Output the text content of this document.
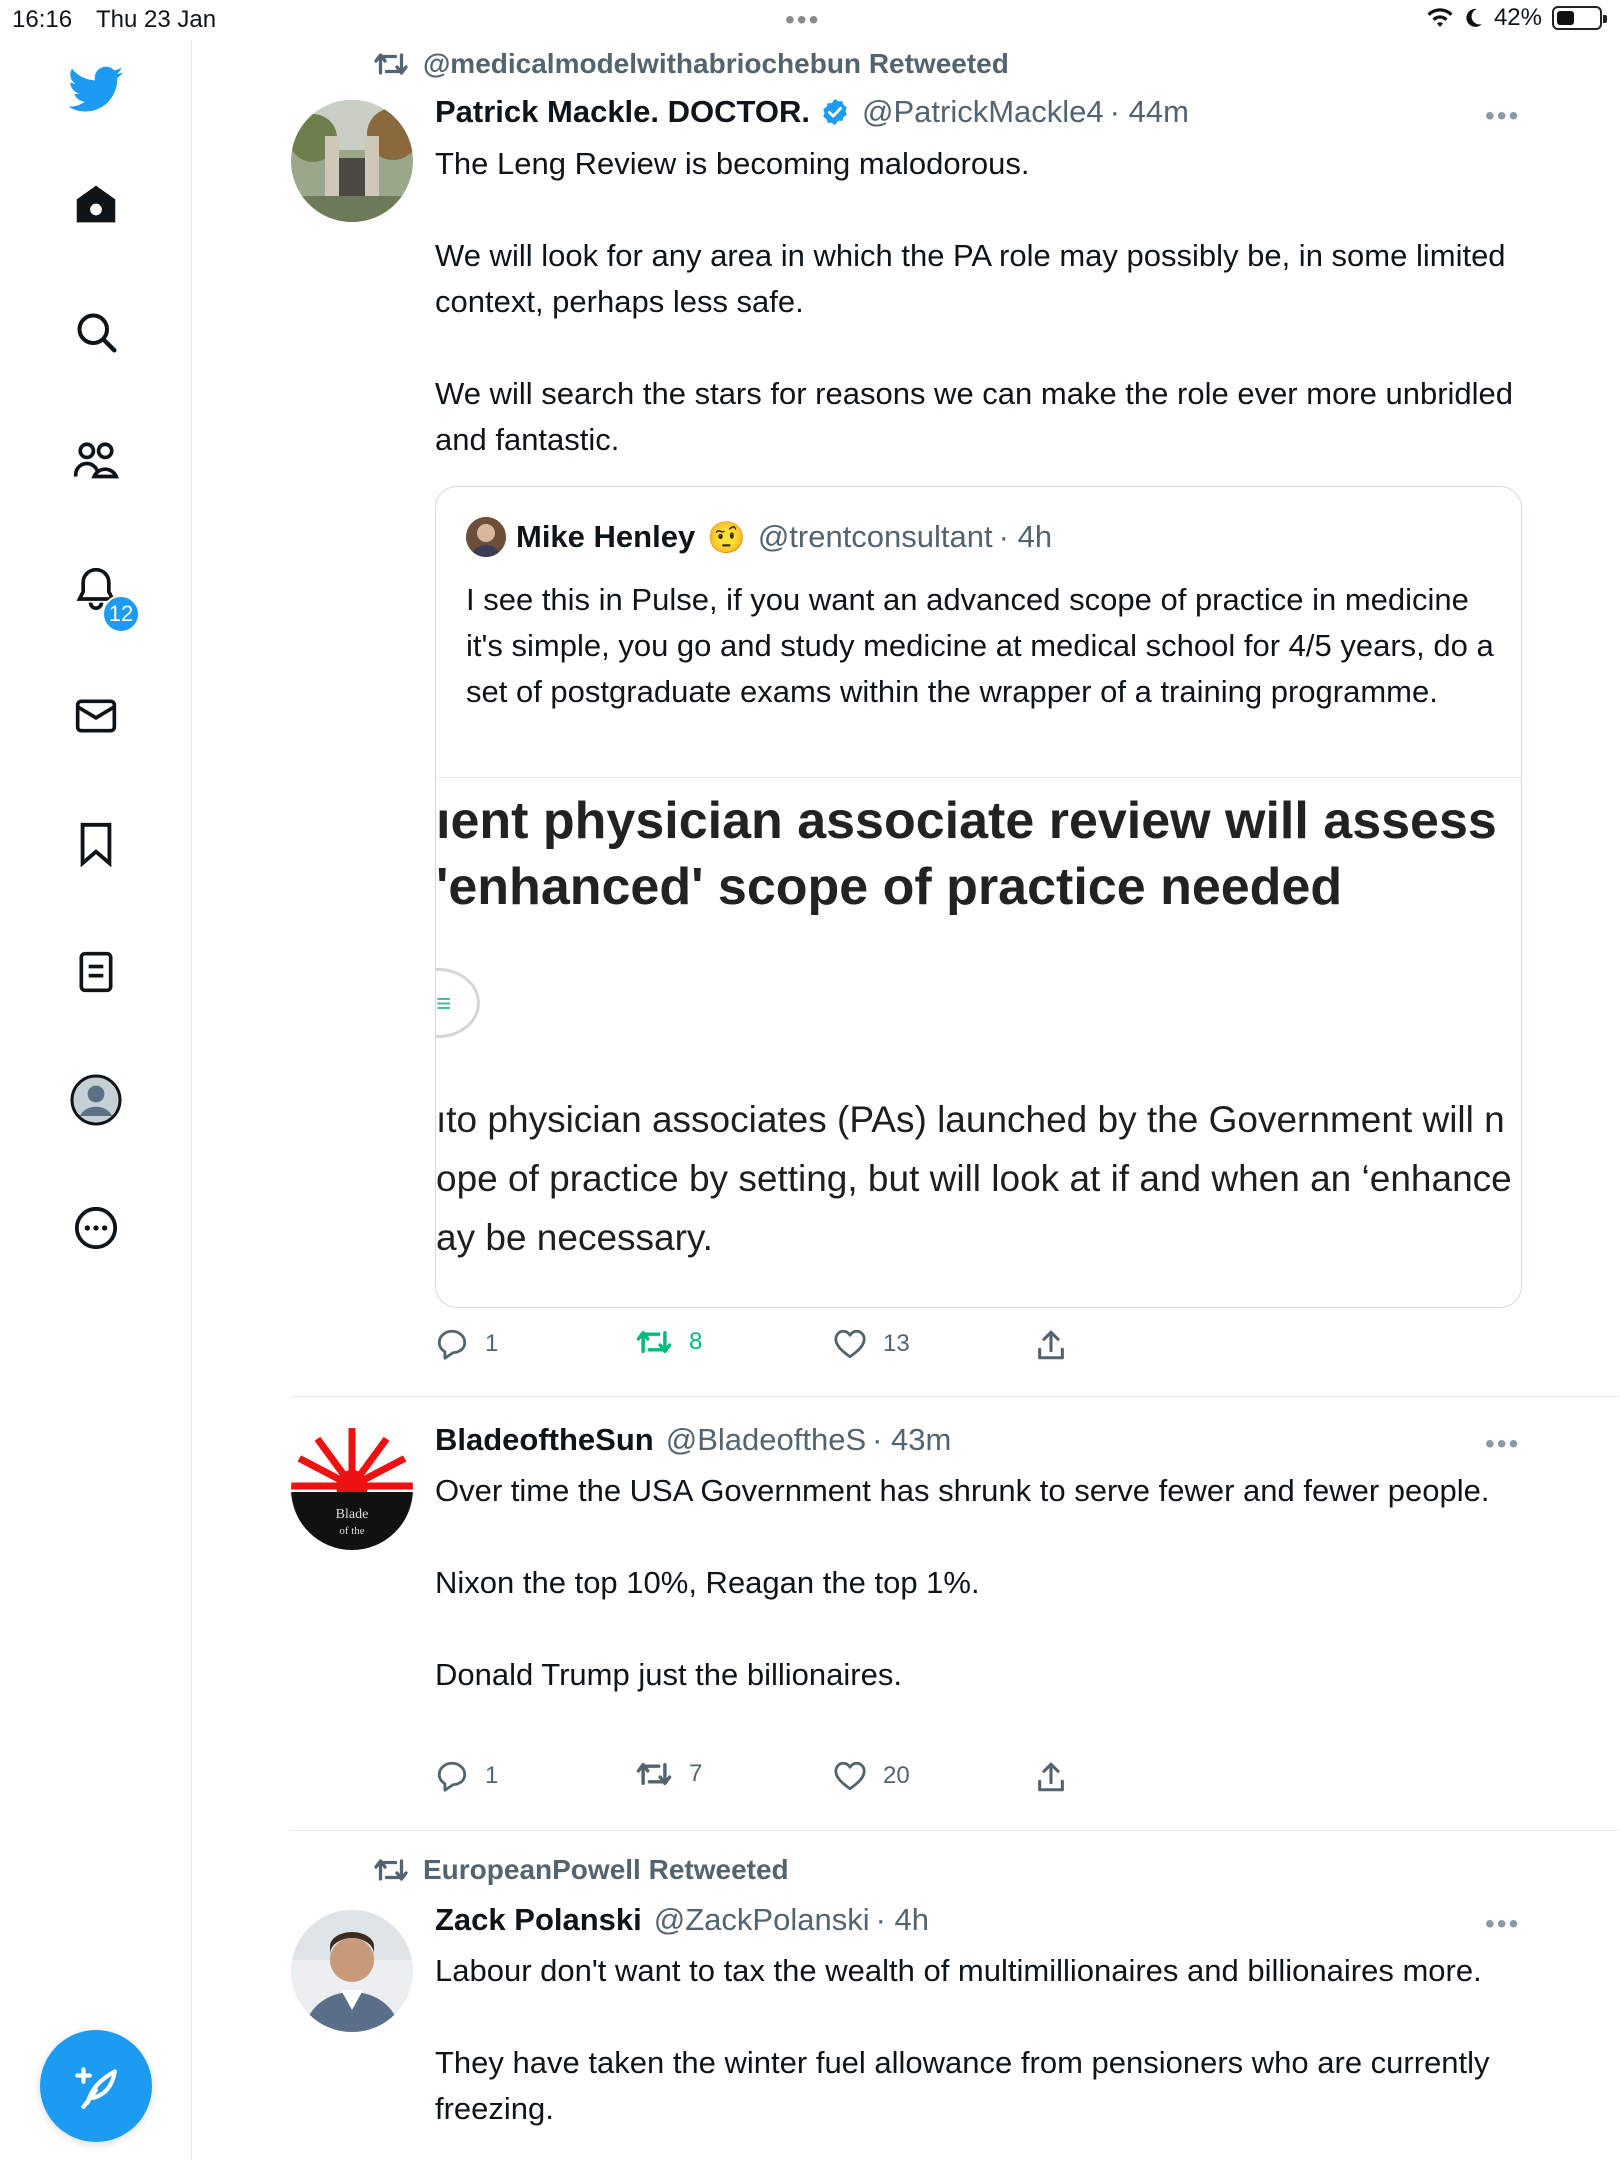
16:16 Thu 23 Jan	•••	42%
12
@medicalmodelwithabriochebun Retweeted
Patrick Mackle. DOCTOR. @PatrickMackle4 · 44m	•••
The Leng Review is becoming malodorous.

We will look for any area in which the PA role may possibly be, in some limited context, perhaps less safe.

We will search the stars for reasons we can make the role ever more unbridled and fantastic.
Mike Henley 🤨 @trentconsultant · 4h
I see this in Pulse, if you want an advanced scope of practice in medicine it's simple, you go and study medicine at medical school for 4/5 years, do a set of postgraduate exams within the wrapper of a training programme.
ıent physician associate review will assess
'enhanced' scope of practice needed
≡
ıto physician associates (PAs) launched by the Government will n
ope of practice by setting, but will look at if and when an ‘enhance
ay be necessary.
1	8	13
Blade
of the
BladeoftheSun @BladeoftheS · 43m	•••
Over time the USA Government has shrunk to serve fewer and fewer people.

Nixon the top 10%, Reagan the top 1%.

Donald Trump just the billionaires.
1	7	20
EuropeanPowell Retweeted
Zack Polanski @ZackPolanski · 4h	•••
Labour don't want to tax the wealth of multimillionaires and billionaires more.

They have taken the winter fuel allowance from pensioners who are currently freezing.
